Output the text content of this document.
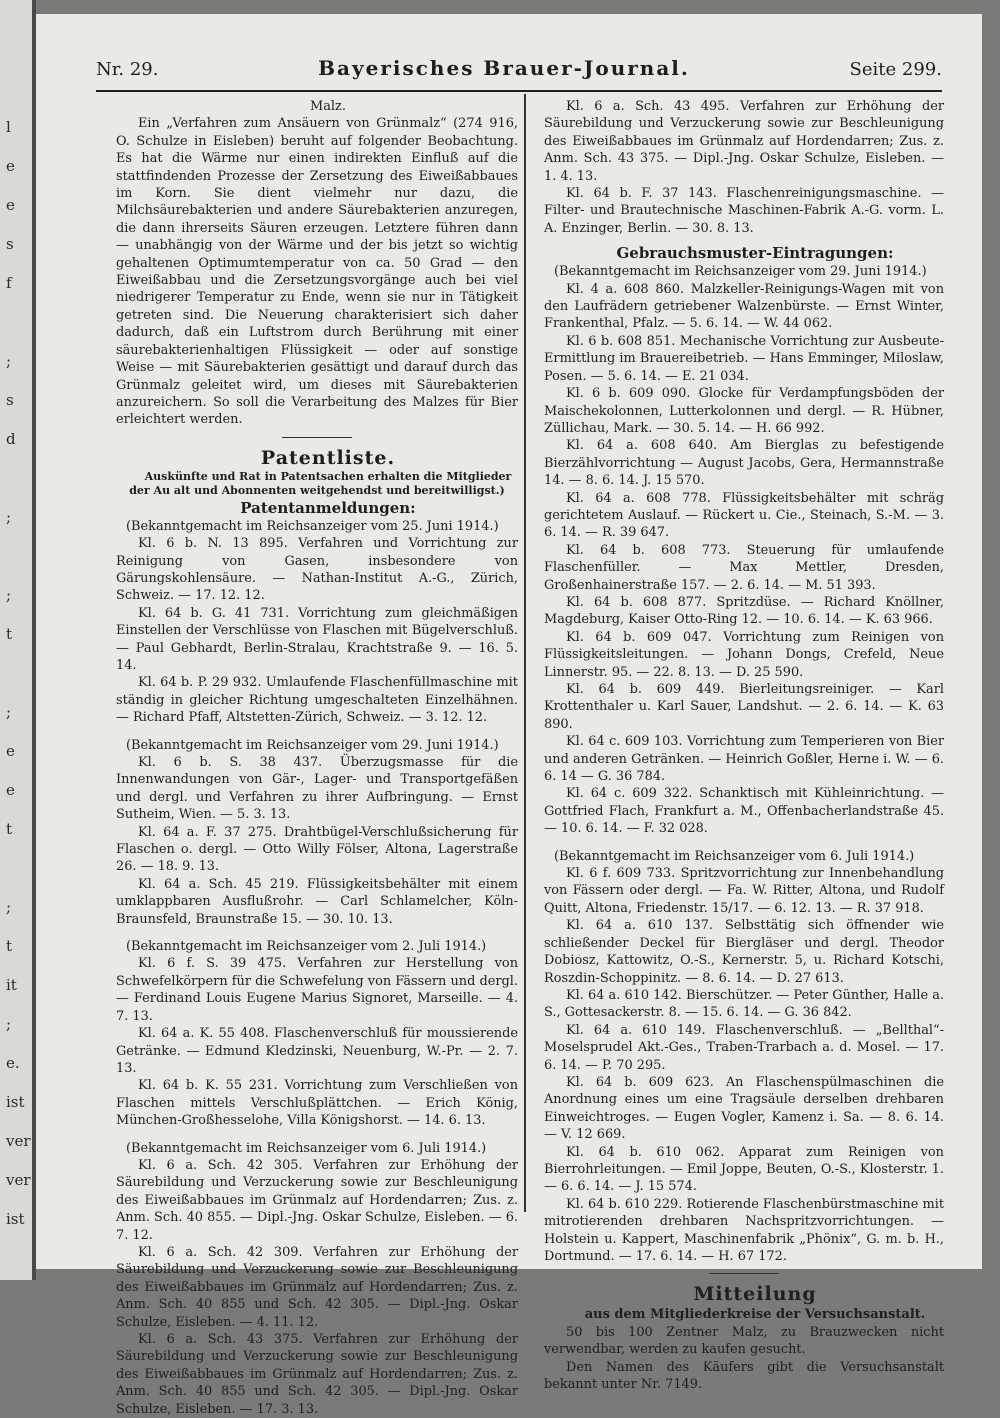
l
e
e
s
f
;
s
d
;
;
t
;
e
e
t
;
t
it
;
e.
ist
ver
ver
ist
Nr. 29.	Bayerisches Brauer-Journal.	Seite 299.

Malz.

Ein „Verfahren zum Ansäuern von Grünmalz“ (274 916, O. Schulze in Eisleben) beruht auf folgender Beobachtung. Es hat die Wärme nur einen indirekten Einfluß auf die stattfindenden Prozesse der Zersetzung des Eiweißabbaues im Korn. Sie dient vielmehr nur dazu, die Milchsäurebakterien und andere Säurebakterien anzuregen, die dann ihrerseits Säuren erzeugen. Letztere führen dann — unabhängig von der Wärme und der bis jetzt so wichtig gehaltenen Optimumtemperatur von ca. 50 Grad — den Eiweißabbau und die Zersetzungsvorgänge auch bei viel niedrigerer Temperatur zu Ende, wenn sie nur in Tätigkeit getreten sind. Die Neuerung charakterisiert sich daher dadurch, daß ein Luftstrom durch Berührung mit einer säurebakterienhaltigen Flüssigkeit — oder auf sonstige Weise — mit Säurebakterien gesättigt und darauf durch das Grünmalz geleitet wird, um dieses mit Säurebakterien anzureichern. So soll die Verarbeitung des Malzes für Bier erleichtert werden.

Patentliste.

Auskünfte und Rat in Patentsachen erhalten die Mitglieder der Au alt und Abonnenten weitgehendst und bereitwilligst.)

Patentanmeldungen:

(Bekanntgemacht im Reichsanzeiger vom 25. Juni 1914.)

Kl. 6 b. N. 13 895. Verfahren und Vorrichtung zur Reinigung von Gasen, insbesondere von Gärungskohlensäure. — Nathan-Institut A.-G., Zürich, Schweiz. — 17. 12. 12.

Kl. 64 b. G. 41 731. Vorrichtung zum gleichmäßigen Einstellen der Verschlüsse von Flaschen mit Bügelverschluß. — Paul Gebhardt, Berlin-Stralau, Krachtstraße 9. — 16. 5. 14.

Kl. 64 b. P. 29 932. Umlaufende Flaschenfüllmaschine mit ständig in gleicher Richtung umgeschalteten Einzelhähnen. — Richard Pfaff, Altstetten-Zürich, Schweiz. — 3. 12. 12.

(Bekanntgemacht im Reichsanzeiger vom 29. Juni 1914.)

Kl. 6 b. S. 38 437. Überzugsmasse für die Innenwandungen von Gär-, Lager- und Transportgefäßen und dergl. und Verfahren zu ihrer Aufbringung. — Ernst Sutheim, Wien. — 5. 3. 13.

Kl. 64 a. F. 37 275. Drahtbügel-Verschlußsicherung für Flaschen o. dergl. — Otto Willy Fölser, Altona, Lagerstraße 26. — 18. 9. 13.

Kl. 64 a. Sch. 45 219. Flüssigkeitsbehälter mit einem umklappbaren Ausflußrohr. — Carl Schlamelcher, Köln-Braunsfeld, Braunstraße 15. — 30. 10. 13.

(Bekanntgemacht im Reichsanzeiger vom 2. Juli 1914.)

Kl. 6 f. S. 39 475. Verfahren zur Herstellung von Schwefelkörpern für die Schwefelung von Fässern und dergl. — Ferdinand Louis Eugene Marius Signoret, Marseille. — 4. 7. 13.

Kl. 64 a. K. 55 408. Flaschenverschluß für moussierende Getränke. — Edmund Kledzinski, Neuenburg, W.-Pr. — 2. 7. 13.

Kl. 64 b. K. 55 231. Vorrichtung zum Verschließen von Flaschen mittels Verschlußplättchen. — Erich König, München-Großhesselohe, Villa Königshorst. — 14. 6. 13.

(Bekanntgemacht im Reichsanzeiger vom 6. Juli 1914.)

Kl. 6 a. Sch. 42 305. Verfahren zur Erhöhung der Säurebildung und Verzuckerung sowie zur Beschleunigung des Eiweißabbaues im Grünmalz auf Hordendarren; Zus. z. Anm. Sch. 40 855. — Dipl.-Jng. Oskar Schulze, Eisleben. — 6. 7. 12.

Kl. 6 a. Sch. 42 309. Verfahren zur Erhöhung der Säurebildung und Verzuckerung sowie zur Beschleunigung des Eiweißabbaues im Grünmalz auf Hordendarren; Zus. z. Anm. Sch. 40 855 und Sch. 42 305. — Dipl.-Jng. Oskar Schulze, Eisleben. — 4. 11. 12.

Kl. 6 a. Sch. 43 375. Verfahren zur Erhöhung der Säurebildung und Verzuckerung sowie zur Beschleunigung des Eiweißabbaues im Grünmalz auf Hordendarren; Zus. z. Anm. Sch. 40 855 und Sch. 42 305. — Dipl.-Jng. Oskar Schulze, Eisleben. — 17. 3. 13.

Kl. 6 a. Sch. 43 495. Verfahren zur Erhöhung der Säurebildung und Verzuckerung sowie zur Beschleunigung des Eiweißabbaues im Grünmalz auf Hordendarren; Zus. z. Anm. Sch. 43 375. — Dipl.-Jng. Oskar Schulze, Eisleben. — 1. 4. 13.

Kl. 64 b. F. 37 143. Flaschenreinigungsmaschine. — Filter- und Brautechnische Maschinen-Fabrik A.-G. vorm. L. A. Enzinger, Berlin. — 30. 8. 13.

Gebrauchsmuster-Eintragungen:

(Bekanntgemacht im Reichsanzeiger vom 29. Juni 1914.)

Kl. 4 a. 608 860. Malzkeller-Reinigungs-Wagen mit von den Laufrädern getriebener Walzenbürste. — Ernst Winter, Frankenthal, Pfalz. — 5. 6. 14. — W. 44 062.

Kl. 6 b. 608 851. Mechanische Vorrichtung zur Ausbeute-Ermittlung im Brauereibetrieb. — Hans Emminger, Miloslaw, Posen. — 5. 6. 14. — E. 21 034.

Kl. 6 b. 609 090. Glocke für Verdampfungsböden der Maischekolonnen, Lutterkolonnen und dergl. — R. Hübner, Züllichau, Mark. — 30. 5. 14. — H. 66 992.

Kl. 64 a. 608 640. Am Bierglas zu befestigende Bierzählvorrichtung — August Jacobs, Gera, Hermannstraße 14. — 8. 6. 14. J. 15 570.

Kl. 64 a. 608 778. Flüssigkeitsbehälter mit schräg gerichtetem Auslauf. — Rückert u. Cie., Steinach, S.-M. — 3. 6. 14. — R. 39 647.

Kl. 64 b. 608 773. Steuerung für umlaufende Flaschenfüller. — Max Mettler, Dresden, Großenhainerstraße 157. — 2. 6. 14. — M. 51 393.

Kl. 64 b. 608 877. Spritzdüse. — Richard Knöllner, Magdeburg, Kaiser Otto-Ring 12. — 10. 6. 14. — K. 63 966.

Kl. 64 b. 609 047. Vorrichtung zum Reinigen von Flüssigkeitsleitungen. — Johann Dongs, Crefeld, Neue Linnerstr. 95. — 22. 8. 13. — D. 25 590.

Kl. 64 b. 609 449. Bierleitungsreiniger. — Karl Krottenthaler u. Karl Sauer, Landshut. — 2. 6. 14. — K. 63 890.

Kl. 64 c. 609 103. Vorrichtung zum Temperieren von Bier und anderen Getränken. — Heinrich Goßler, Herne i. W. — 6. 6. 14 — G. 36 784.

Kl. 64 c. 609 322. Schanktisch mit Kühleinrichtung. — Gottfried Flach, Frankfurt a. M., Offenbacherlandstraße 45. — 10. 6. 14. — F. 32 028.

(Bekanntgemacht im Reichsanzeiger vom 6. Juli 1914.)

Kl. 6 f. 609 733. Spritzvorrichtung zur Innenbehandlung von Fässern oder dergl. — Fa. W. Ritter, Altona, und Rudolf Quitt, Altona, Friedenstr. 15/17. — 6. 12. 13. — R. 37 918.

Kl. 64 a. 610 137. Selbsttätig sich öffnender wie schließender Deckel für Biergläser und dergl. Theodor Dobiosz, Kattowitz, O.-S., Kernerstr. 5, u. Richard Kotschi, Roszdin-Schoppinitz. — 8. 6. 14. — D. 27 613.

Kl. 64 a. 610 142. Bierschützer. — Peter Günther, Halle a. S., Gottesackerstr. 8. — 15. 6. 14. — G. 36 842.

Kl. 64 a. 610 149. Flaschenverschluß. — „Bellthal“-Moselsprudel Akt.-Ges., Traben-Trarbach a. d. Mosel. — 17. 6. 14. — P. 70 295.

Kl. 64 b. 609 623. An Flaschenspülmaschinen die Anordnung eines um eine Tragsäule derselben drehbaren Einweichtroges. — Eugen Vogler, Kamenz i. Sa. — 8. 6. 14. — V. 12 669.

Kl. 64 b. 610 062. Apparat zum Reinigen von Bierrohrleitungen. — Emil Joppe, Beuten, O.-S., Klosterstr. 1. — 6. 6. 14. — J. 15 574.

Kl. 64 b. 610 229. Rotierende Flaschenbürstmaschine mit mitrotierenden drehbaren Nachspritzvorrichtungen. — Holstein u. Kappert, Maschinenfabrik „Phönix“, G. m. b. H., Dortmund. — 17. 6. 14. — H. 67 172.

Mitteilung

aus dem Mitgliederkreise der Versuchsanstalt.

50 bis 100 Zentner Malz, zu Brauzwecken nicht verwendbar, werden zu kaufen gesucht.

Den Namen des Käufers gibt die Versuchsanstalt bekannt unter Nr. 7149.
